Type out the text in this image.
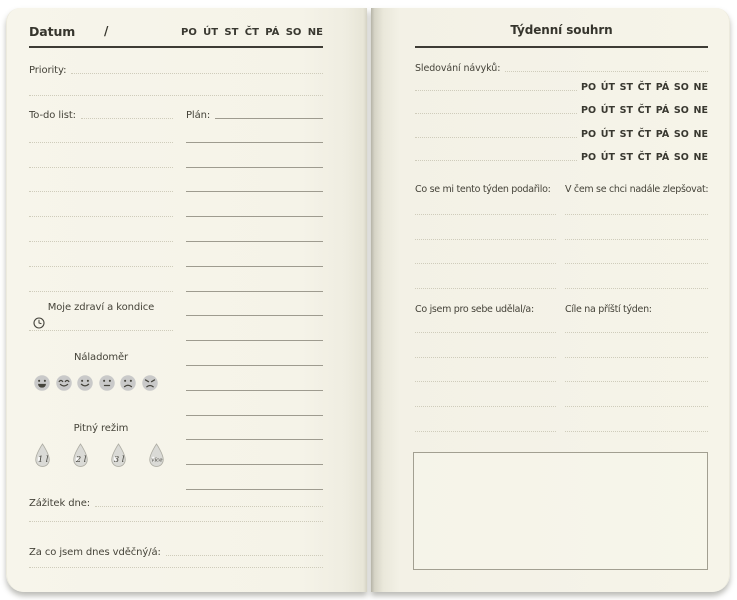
Datum /	PO ÚT ST ČT PÁ SO NE
Priority:
To-do list:	Plán:
Moje zdraví a kondice
Náladoměr
Pitný režim
1 l	2 l	3 l	více
Zážitek dne:
Za co jsem dnes vděčný/á:
Týdenní souhrn
Sledování návyků:
PO ÚT ST ČT PÁ SO NE
PO ÚT ST ČT PÁ SO NE
PO ÚT ST ČT PÁ SO NE
PO ÚT ST ČT PÁ SO NE
Co se mi tento týden podařilo: V čem se chci nadále zlepšovat:
Co jsem pro sebe udělal/a:	Cíle na příští týden:
